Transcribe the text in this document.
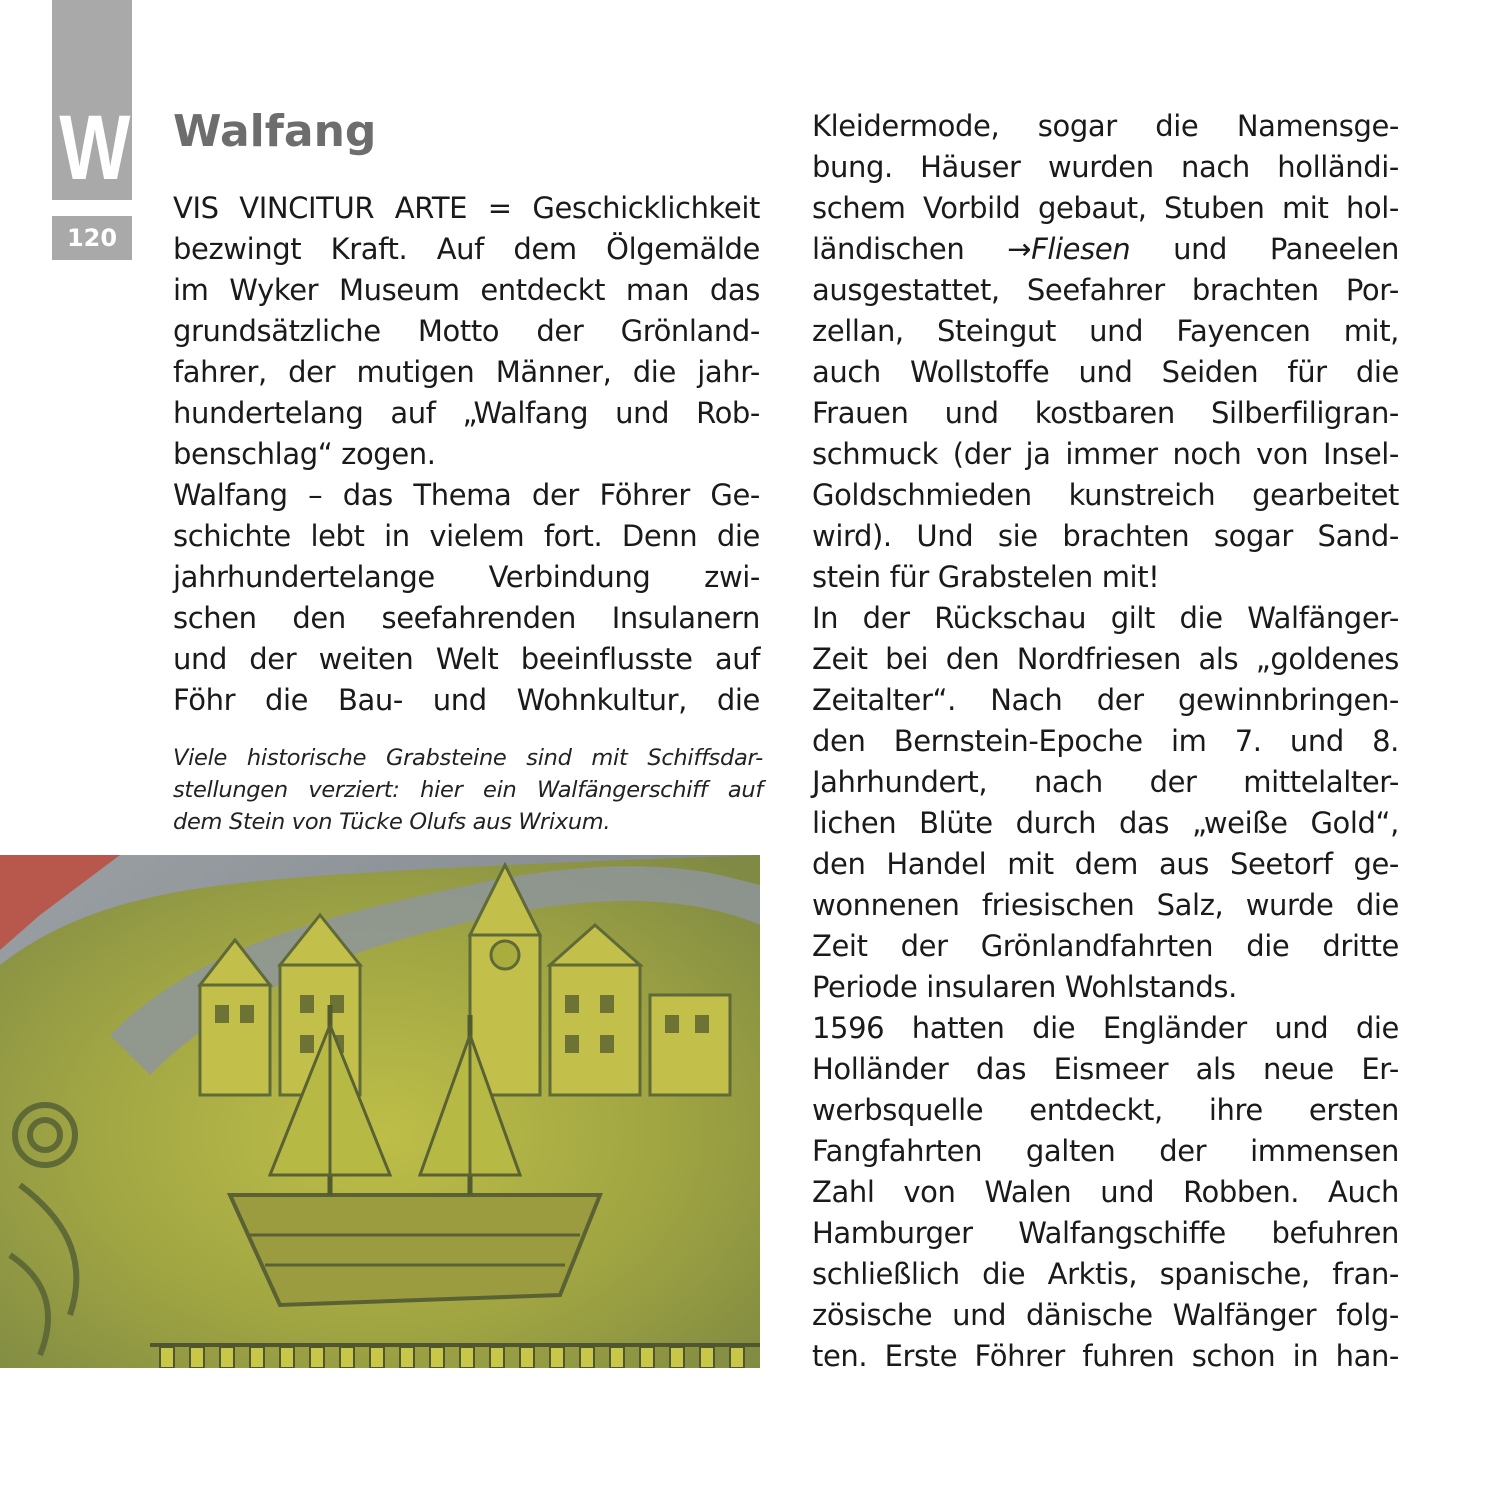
W
120
Walfang

VIS VINCITUR ARTE = Geschicklichkeit
bezwingt Kraft. Auf dem Ölgemälde
im Wyker Museum entdeckt man das
grundsätzliche Motto der Grönland-
fahrer, der mutigen Männer, die jahr-
hundertelang auf „Walfang und Rob-
benschlag“ zogen.

Walfang – das Thema der Föhrer Ge-
schichte lebt in vielem fort. Denn die
jahrhundertelange Verbindung zwi-
schen den seefahrenden Insulanern
und der weiten Welt beeinflusste auf
Föhr die Bau- und Wohnkultur, die

Viele historische Grabsteine sind mit Schiffsdar-
stellungen verziert: hier ein Walfängerschiff auf
dem Stein von Tücke Olufs aus Wrixum.

Kleidermode, sogar die Namensge-
bung. Häuser wurden nach holländi-
schem Vorbild gebaut, Stuben mit hol-
ländischen →Fliesen und Paneelen
ausgestattet, Seefahrer brachten Por-
zellan, Steingut und Fayencen mit,
auch Wollstoffe und Seiden für die
Frauen und kostbaren Silberfiligran-
schmuck (der ja immer noch von Insel-
Goldschmieden kunstreich gearbeitet
wird). Und sie brachten sogar Sand-
stein für Grabstelen mit!

In der Rückschau gilt die Walfänger-
Zeit bei den Nordfriesen als „goldenes
Zeitalter“. Nach der gewinnbringen-
den Bernstein-Epoche im 7. und 8.
Jahrhundert, nach der mittelalter-
lichen Blüte durch das „weiße Gold“,
den Handel mit dem aus Seetorf ge-
wonnenen friesischen Salz, wurde die
Zeit der Grönlandfahrten die dritte
Periode insularen Wohlstands.

1596 hatten die Engländer und die
Holländer das Eismeer als neue Er-
werbsquelle entdeckt, ihre ersten
Fangfahrten galten der immensen
Zahl von Walen und Robben. Auch
Hamburger Walfangschiffe befuhren
schließlich die Arktis, spanische, fran-
zösische und dänische Walfänger folg-
ten. Erste Föhrer fuhren schon in han-
